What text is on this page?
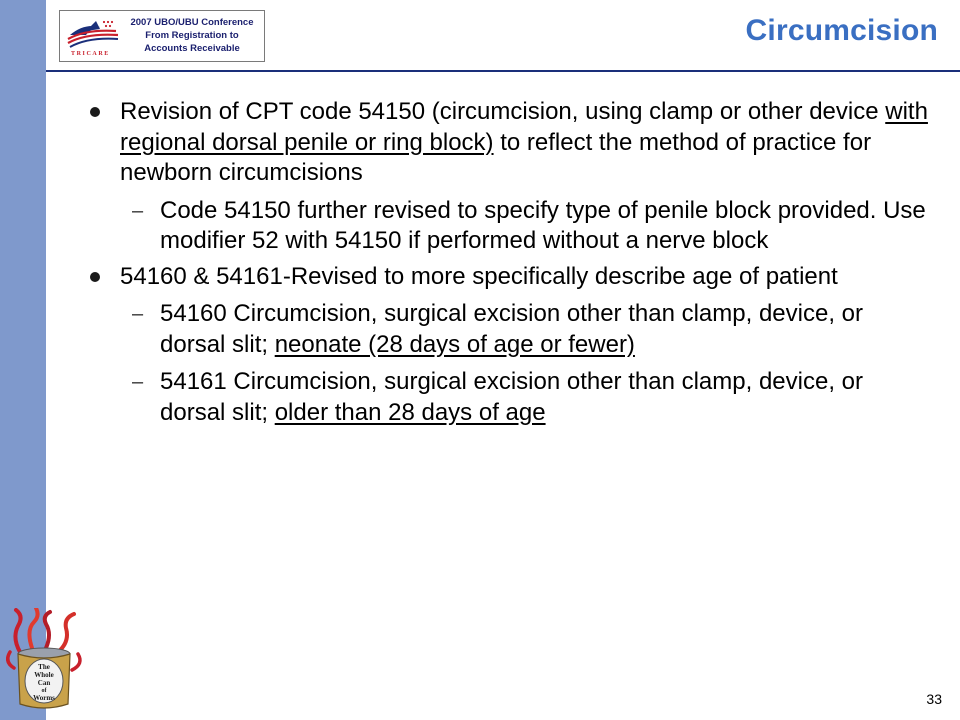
TRICARE
2007 UBO/UBU Conference
From Registration to
Accounts Receivable
Circumcision
Revision of CPT code 54150 (circumcision, using clamp or other device with regional dorsal penile or ring block) to reflect the method of practice for newborn circumcisions
– Code 54150 further revised to specify type of penile block provided. Use modifier 52 with 54150 if performed without a nerve block
54160 & 54161-Revised to more specifically describe age of patient
– 54160 Circumcision, surgical excision other than clamp, device, or dorsal slit; neonate (28 days of age or fewer)
– 54161 Circumcision, surgical excision other than clamp, device, or dorsal slit; older than 28 days of age
The
Whole
Can
of
Worms	33
